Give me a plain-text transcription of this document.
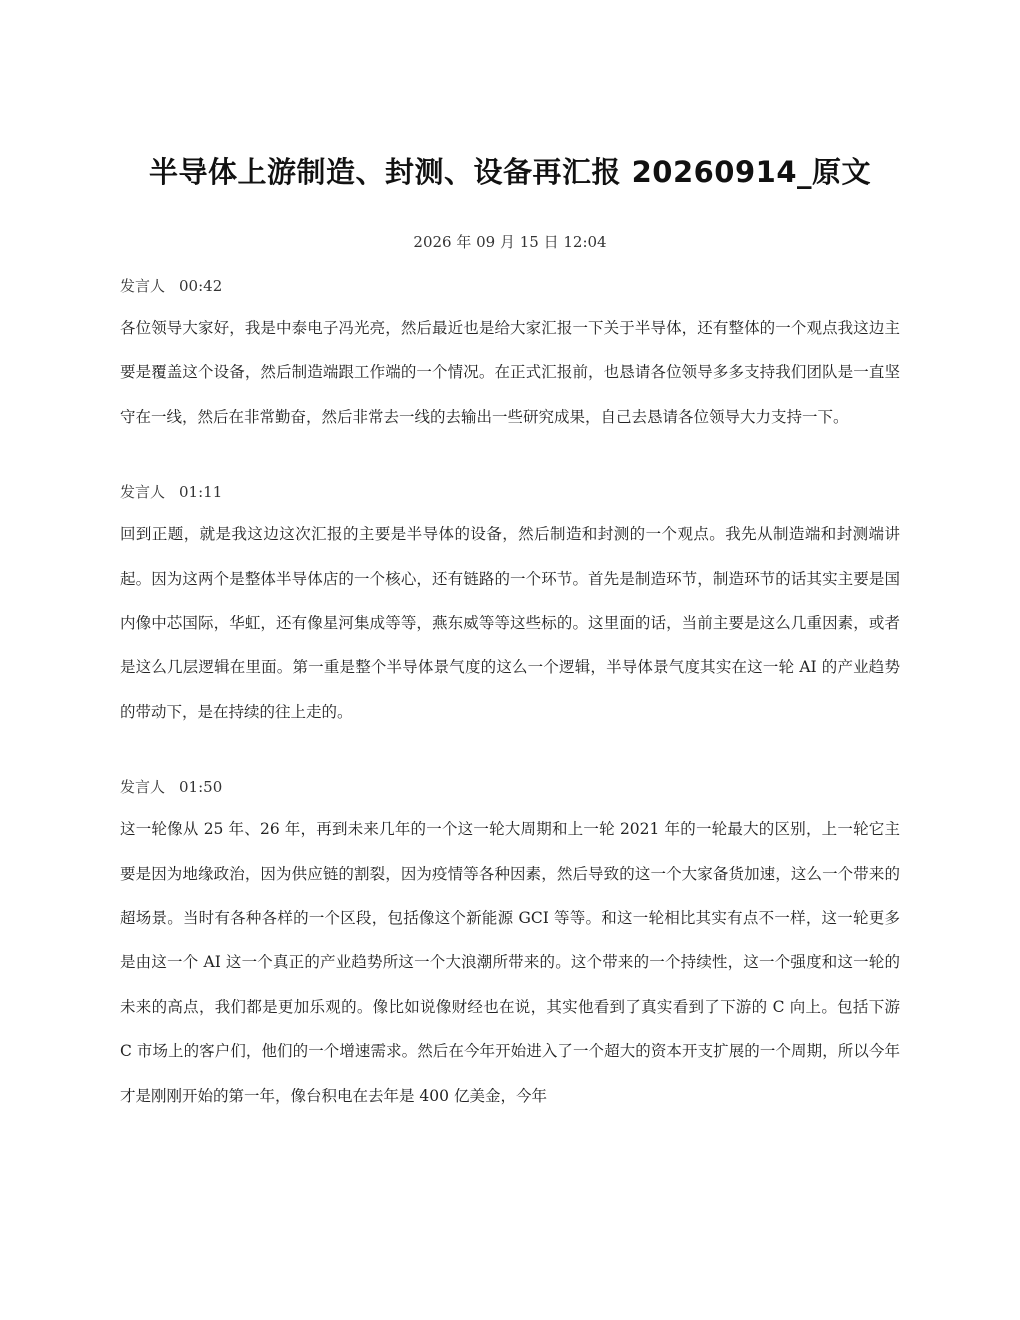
半导体上游制造、封测、设备再汇报 20260914_原文
2026 年 09 月 15 日 12:04
发言人 00:42

各位领导大家好，我是中泰电子冯光亮，然后最近也是给大家汇报一下关于半导体，还有整体的一个观点我这边主要是覆盖这个设备，然后制造端跟工作端的一个情况。在正式汇报前，也恳请各位领导多多支持我们团队是一直坚守在一线，然后在非常勤奋，然后非常去一线的去输出一些研究成果，自己去恳请各位领导大力支持一下。

发言人 01:11

回到正题，就是我这边这次汇报的主要是半导体的设备，然后制造和封测的一个观点。我先从制造端和封测端讲起。因为这两个是整体半导体店的一个核心，还有链路的一个环节。首先是制造环节，制造环节的话其实主要是国内像中芯国际，华虹，还有像星河集成等等，燕东威等等这些标的。这里面的话，当前主要是这么几重因素，或者是这么几层逻辑在里面。第一重是整个半导体景气度的这么一个逻辑，半导体景气度其实在这一轮 AI 的产业趋势的带动下，是在持续的往上走的。

发言人 01:50

这一轮像从 25 年、26 年，再到未来几年的一个这一轮大周期和上一轮 2021 年的一轮最大的区别，上一轮它主要是因为地缘政治，因为供应链的割裂，因为疫情等各种因素，然后导致的这一个大家备货加速，这么一个带来的超场景。当时有各种各样的一个区段，包括像这个新能源 GCI 等等。和这一轮相比其实有点不一样，这一轮更多是由这一个 AI 这一个真正的产业趋势所这一个大浪潮所带来的。这个带来的一个持续性，这一个强度和这一轮的未来的高点，我们都是更加乐观的。像比如说像财经也在说，其实他看到了真实看到了下游的 C 向上。包括下游 C 市场上的客户们，他们的一个增速需求。然后在今年开始进入了一个超大的资本开支扩展的一个周期，所以今年才是刚刚开始的第一年，像台积电在去年是 400 亿美金，今年
